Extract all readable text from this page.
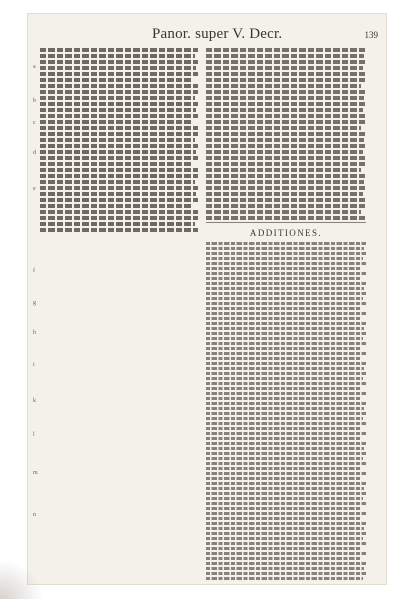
Panor. super V. Decr.	139
ADDITIONES.
a
b
c
d
e
f
g
h
i
k
l
m
n
